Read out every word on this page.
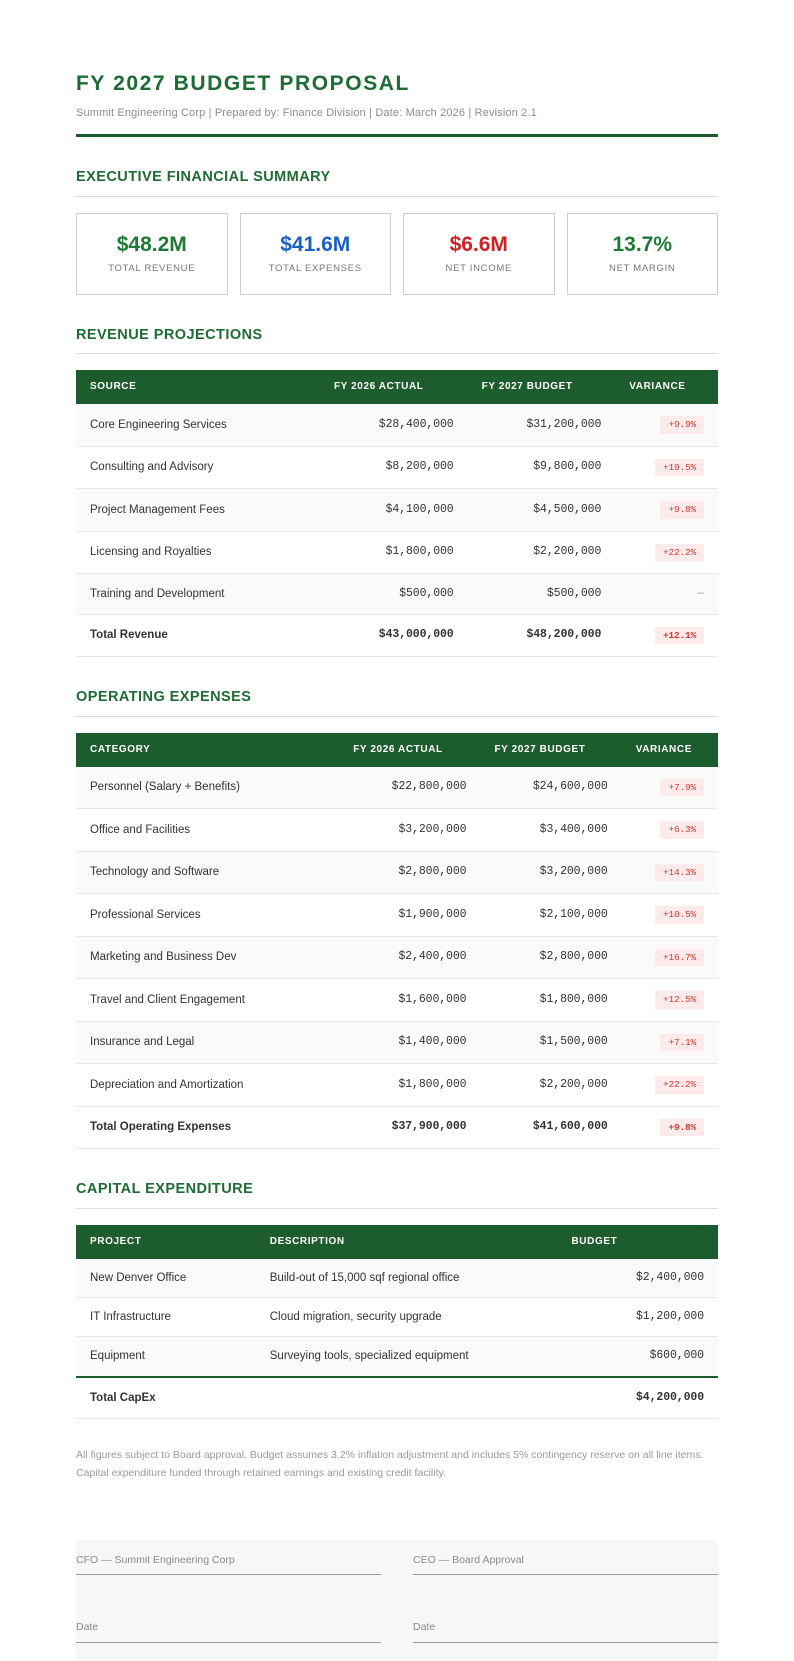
FY 2027 BUDGET PROPOSAL

Summit Engineering Corp | Prepared by: Finance Division | Date: March 2026 | Revision 2.1

EXECUTIVE FINANCIAL SUMMARY
$48.2M
TOTAL REVENUE
$41.6M
TOTAL EXPENSES
$6.6M
NET INCOME
13.7%
NET MARGIN
REVENUE PROJECTIONS
SOURCE	FY 2026 ACTUAL	FY 2027 BUDGET	VARIANCE
Core Engineering Services	$28,400,000	$31,200,000	+9.9%
Consulting and Advisory	$8,200,000	$9,800,000	+19.5%
Project Management Fees	$4,100,000	$4,500,000	+9.8%
Licensing and Royalties	$1,800,000	$2,200,000	+22.2%
Training and Development	$500,000	$500,000	—
Total Revenue	$43,000,000	$48,200,000	+12.1%
OPERATING EXPENSES
CATEGORY	FY 2026 ACTUAL	FY 2027 BUDGET	VARIANCE
Personnel (Salary + Benefits)	$22,800,000	$24,600,000	+7.9%
Office and Facilities	$3,200,000	$3,400,000	+6.3%
Technology and Software	$2,800,000	$3,200,000	+14.3%
Professional Services	$1,900,000	$2,100,000	+10.5%
Marketing and Business Dev	$2,400,000	$2,800,000	+16.7%
Travel and Client Engagement	$1,600,000	$1,800,000	+12.5%
Insurance and Legal	$1,400,000	$1,500,000	+7.1%
Depreciation and Amortization	$1,800,000	$2,200,000	+22.2%
Total Operating Expenses	$37,900,000	$41,600,000	+9.8%
CAPITAL EXPENDITURE
PROJECT	DESCRIPTION	BUDGET
New Denver Office	Build-out of 15,000 sqf regional office	$2,400,000
IT Infrastructure	Cloud migration, security upgrade	$1,200,000
Equipment	Surveying tools, specialized equipment	$600,000
Total CapEx		$4,200,000

All figures subject to Board approval. Budget assumes 3.2% inflation adjustment and includes 5% contingency reserve on all line items. Capital expenditure funded through retained earnings and existing credit facility.

CFO — Summit Engineering Corp
Date
CEO — Board Approval
Date
